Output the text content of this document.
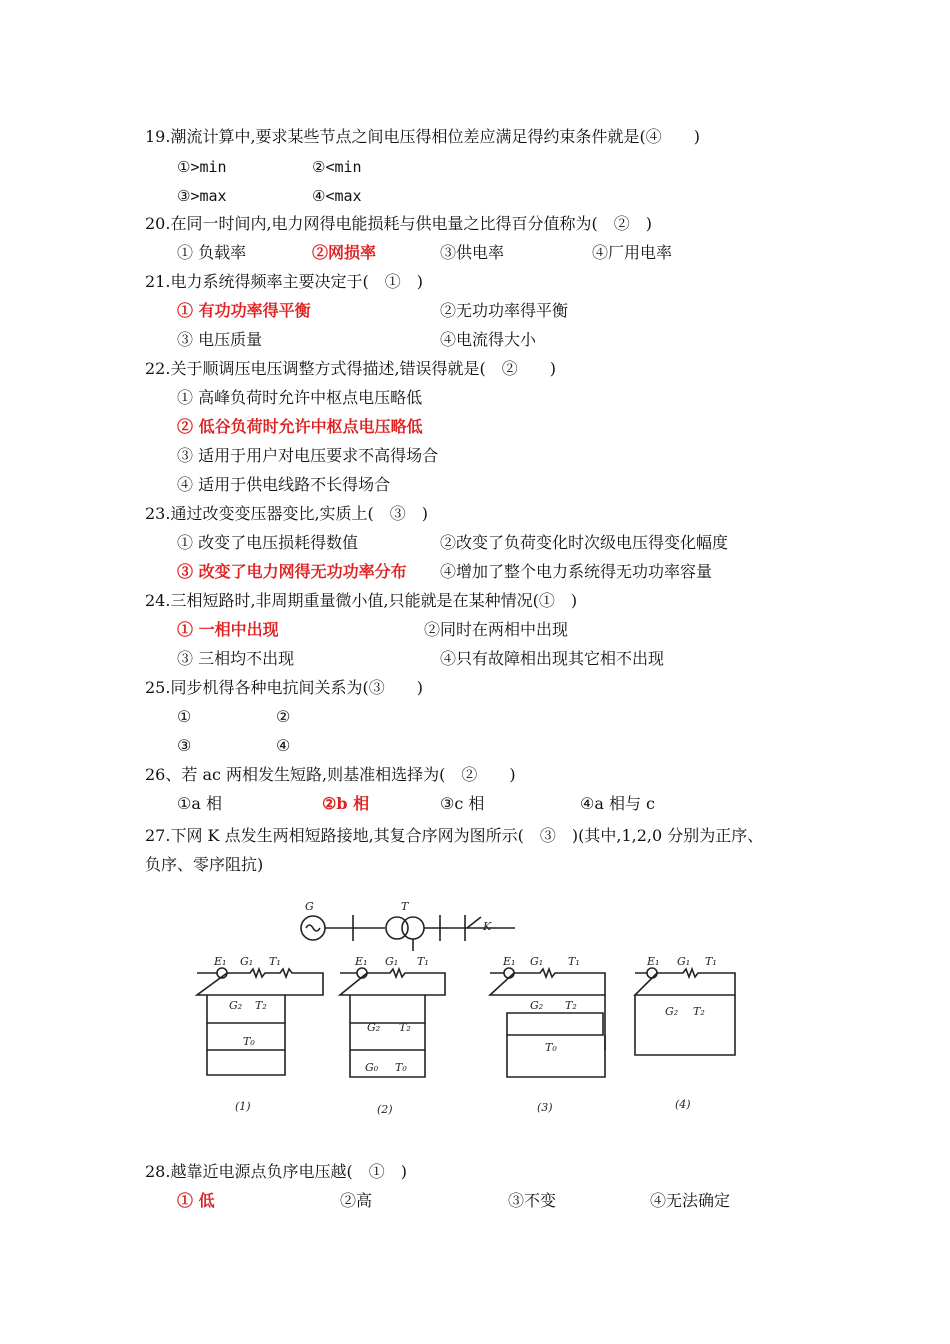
19.潮流计算中,要求某些节点之间电压得相位差应满足得约束条件就是(④　　)
①>min	②<min
③>max	④<max
20.在同一时间内,电力网得电能损耗与供电量之比得百分值称为(　②　)
① 负载率	②网损率	③供电率	④厂用电率
21.电力系统得频率主要决定于(　①　)
① 有功功率得平衡	②无功功率得平衡
③ 电压质量	④电流得大小
22.关于顺调压电压调整方式得描述,错误得就是(　②　　)
① 高峰负荷时允许中枢点电压略低
② 低谷负荷时允许中枢点电压略低
③ 适用于用户对电压要求不高得场合
④ 适用于供电线路不长得场合
23.通过改变变压器变比,实质上(　③　)
① 改变了电压损耗得数值	②改变了负荷变化时次级电压得变化幅度
③ 改变了电力网得无功功率分布 ④增加了整个电力系统得无功功率容量
24.三相短路时,非周期重量微小值,只能就是在某种情况(①　)
① 一相中出现	②同时在两相中出现
③ 三相均不出现	④只有故障相出现其它相不出现
25.同步机得各种电抗间关系为(③　　)
①	②
③	④
26、若 ac 两相发生短路,则基准相选择为(　②　　)
①a 相	②b 相	③c 相	④a 相与 c
27.下网 K 点发生两相短路接地,其复合序网为图所示(　③　)(其中,1,2,0 分别为正序、
负序、零序阻抗)
G	T
K
E₁ G₁ T₁
G₂ T₂
T₀
E₁ G₁ T₁
G₂ T₂
G₀ T₀
E₁ G₁ T₁
G₂ T₂
T₀
E₁ G₁ T₁
G₂ T₂
(1)	(2)	(3)	(4)
28.越靠近电源点负序电压越(　①　)
① 低	②高	③不变	④无法确定
